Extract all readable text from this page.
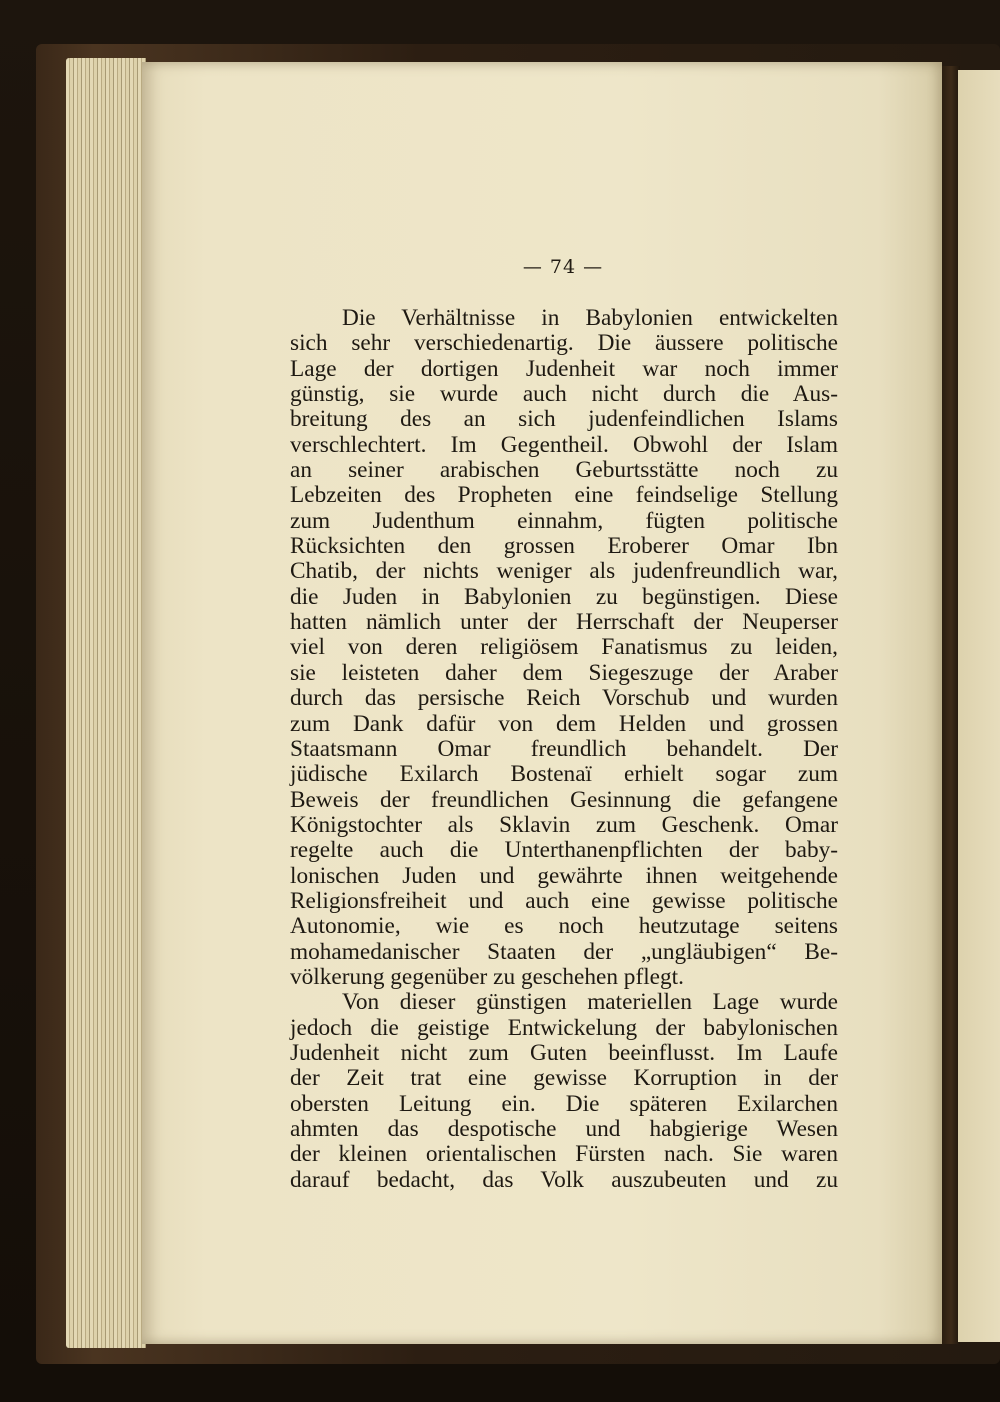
— 74 —
Die Verhältnisse in Babylonien entwickelten
sich sehr verschiedenartig. Die äussere politische
Lage der dortigen Judenheit war noch immer
günstig, sie wurde auch nicht durch die Aus-
breitung des an sich judenfeindlichen Islams
verschlechtert. Im Gegentheil. Obwohl der Islam
an seiner arabischen Geburtsstätte noch zu
Lebzeiten des Propheten eine feindselige Stellung
zum Judenthum einnahm, fügten politische
Rücksichten den grossen Eroberer Omar Ibn
Chatib, der nichts weniger als judenfreundlich war,
die Juden in Babylonien zu begünstigen. Diese
hatten nämlich unter der Herrschaft der Neuperser
viel von deren religiösem Fanatismus zu leiden,
sie leisteten daher dem Siegeszuge der Araber
durch das persische Reich Vorschub und wurden
zum Dank dafür von dem Helden und grossen
Staatsmann Omar freundlich behandelt. Der
jüdische Exilarch Bostenaï erhielt sogar zum
Beweis der freundlichen Gesinnung die gefangene
Königstochter als Sklavin zum Geschenk. Omar
regelte auch die Unterthanenpflichten der baby-
lonischen Juden und gewährte ihnen weitgehende
Religionsfreiheit und auch eine gewisse politische
Autonomie, wie es noch heutzutage seitens
mohamedanischer Staaten der „ungläubigen“ Be-
völkerung gegenüber zu geschehen pflegt.
Von dieser günstigen materiellen Lage wurde
jedoch die geistige Entwickelung der babylonischen
Judenheit nicht zum Guten beeinflusst. Im Laufe
der Zeit trat eine gewisse Korruption in der
obersten Leitung ein. Die späteren Exilarchen
ahmten das despotische und habgierige Wesen
der kleinen orientalischen Fürsten nach. Sie waren
darauf bedacht, das Volk auszubeuten und zu
